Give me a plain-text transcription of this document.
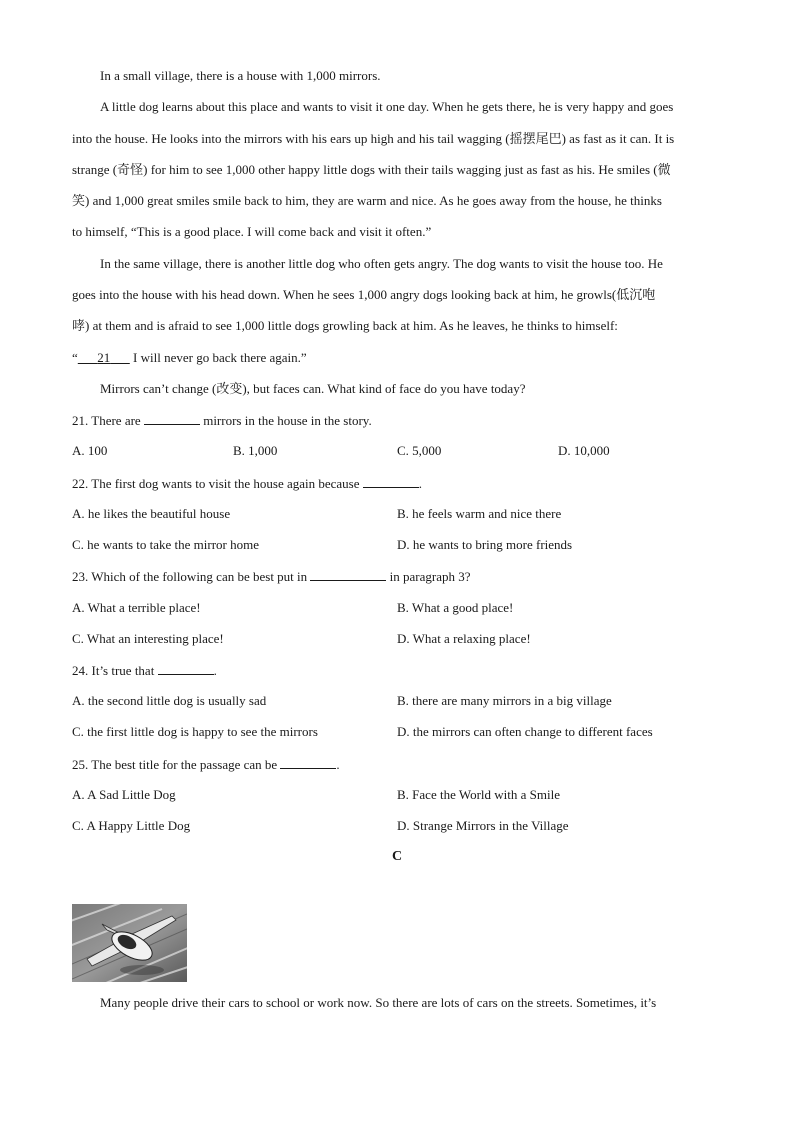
In a small village, there is a house with 1,000 mirrors.
A little dog learns about this place and wants to visit it one day. When he gets there, he is very happy and goes
into the house. He looks into the mirrors with his ears up high and his tail wagging (摇摆尾巴) as fast as it can. It is
strange (奇怪) for him to see 1,000 other happy little dogs with their tails wagging just as fast as his. He smiles (微
笑) and 1,000 great smiles smile back to him, they are warm and nice. As he goes away from the house, he thinks
to himself, “This is a good place. I will come back and visit it often.”
In the same village, there is another little dog who often gets angry. The dog wants to visit the house too. He
goes into the house with his head down. When he sees 1,000 angry dogs looking back at him, he growls(低沉咆
哮) at them and is afraid to see 1,000 little dogs growling back at him. As he leaves, he thinks to himself:
“ 21       I will never go back there again.”
Mirrors can’t change (改变), but faces can. What kind of face do you have today?
21. There are	mirrors in the house in the story.
A. 100	B. 1,000	C. 5,000	D. 10,000
22. The first dog wants to visit the house again because	.
A. he likes the beautiful house	B. he feels warm and nice there
C. he wants to take the mirror home	D. he wants to bring more friends
23. Which of the following can be best put in	in paragraph 3?
A. What a terrible place!	B. What a good place!
C. What an interesting place!	D. What a relaxing place!
24. It’s true that	.
A. the second little dog is usually sad	B. there are many mirrors in a big village
C. the first little dog is happy to see the mirrors	D. the mirrors can often change to different faces
25. The best title for the passage can be	.
A. A Sad Little Dog	B. Face the World with a Smile
C. A Happy Little Dog	D. Strange Mirrors in the Village
C
Many people drive their cars to school or work now. So there are lots of cars on the streets. Sometimes, it’s
